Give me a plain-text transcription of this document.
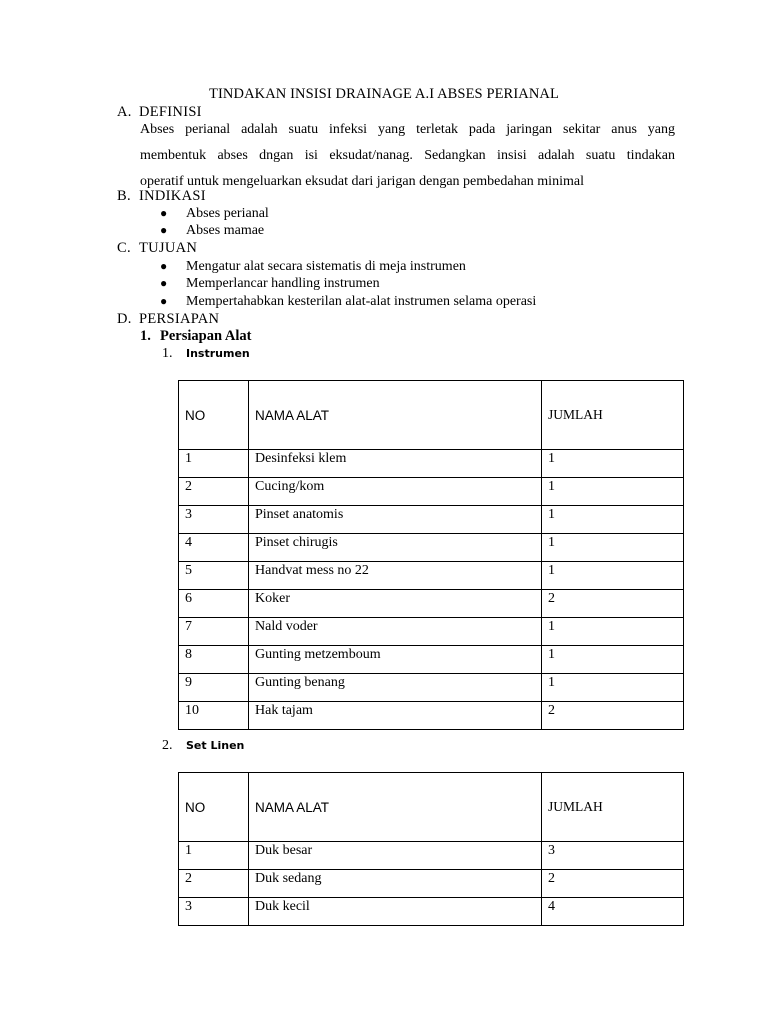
TINDAKAN INSISI DRAINAGE A.I ABSES PERIANAL
A. DEFINISI
Abses perianal adalah suatu infeksi yang terletak pada jaringan sekitar anus yang
membentuk abses dngan isi eksudat/nanag. Sedangkan insisi adalah suatu tindakan
operatif untuk mengeluarkan eksudat dari jarigan dengan pembedahan minimal
B. INDIKASI
● Abses perianal
● Abses mamae
C. TUJUAN
● Mengatur alat secara sistematis di meja instrumen
● Memperlancar handling instrumen
● Mempertahabkan kesterilan alat-alat instrumen selama operasi
D. PERSIAPAN
1. Persiapan Alat
1. Instrumen
NO	NAMA ALAT	JUMLAH
1	Desinfeksi klem	1
2	Cucing/kom	1
3	Pinset anatomis	1
4	Pinset chirugis	1
5	Handvat mess no 22	1
6	Koker	2
7	Nald voder	1
8	Gunting metzemboum	1
9	Gunting benang	1
10	Hak tajam	2
2. Set Linen
NO	NAMA ALAT	JUMLAH
1	Duk besar	3
2	Duk sedang	2
3	Duk kecil	4
